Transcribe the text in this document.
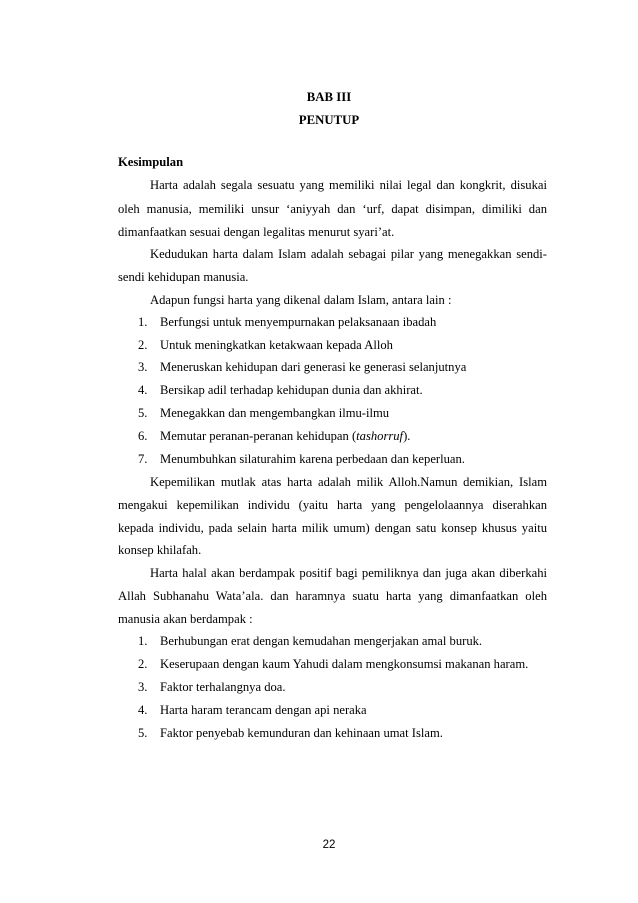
BAB III
PENUTUP
Kesimpulan
Harta adalah segala sesuatu yang memiliki nilai legal dan kongkrit, disukai
oleh manusia, memiliki unsur ‘aniyyah dan ‘urf, dapat disimpan, dimiliki dan
dimanfaatkan sesuai dengan legalitas menurut syari’at.
Kedudukan harta dalam Islam adalah sebagai pilar yang menegakkan sendi-
sendi kehidupan manusia.
Adapun fungsi harta yang dikenal dalam Islam, antara lain :
1. Berfungsi untuk menyempurnakan pelaksanaan ibadah
2. Untuk meningkatkan ketakwaan kepada Alloh
3. Meneruskan kehidupan dari generasi ke generasi selanjutnya
4. Bersikap adil terhadap kehidupan dunia dan akhirat.
5. Menegakkan dan mengembangkan ilmu-ilmu
6. Memutar peranan-peranan kehidupan (tashorruf).
7. Menumbuhkan silaturahim karena perbedaan dan keperluan.
Kepemilikan mutlak atas harta adalah milik Alloh.Namun demikian, Islam
mengakui kepemilikan individu (yaitu harta yang pengelolaannya diserahkan
kepada individu, pada selain harta milik umum) dengan satu konsep khusus yaitu
konsep khilafah.
Harta halal akan berdampak positif bagi pemiliknya dan juga akan diberkahi
Allah Subhanahu Wata’ala. dan haramnya suatu harta yang dimanfaatkan oleh
manusia akan berdampak :
1. Berhubungan erat dengan kemudahan mengerjakan amal buruk.
2. Keserupaan dengan kaum Yahudi dalam mengkonsumsi makanan haram.
3. Faktor terhalangnya doa.
4. Harta haram terancam dengan api neraka
5. Faktor penyebab kemunduran dan kehinaan umat Islam.
22
